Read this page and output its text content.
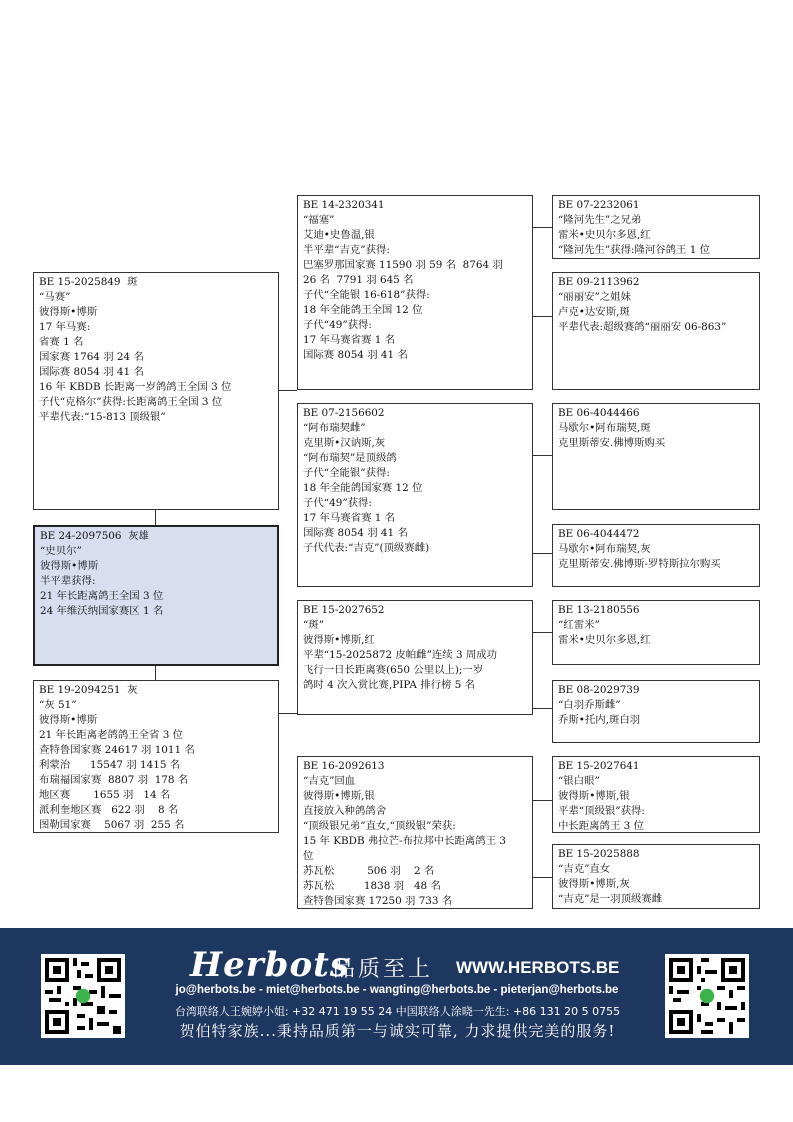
BE 24-2097506  灰雄
“史贝尔”
彼得斯•博斯
半平辈获得:
21 年长距离鸽王全国 3 位
24 年维沃纳国家赛区 1 名
BE 15-2025849  斑
“马赛”
彼得斯•博斯
17 年马赛:
省赛 1 名
国家赛 1764 羽 24 名
国际赛 8054 羽 41 名
16 年 KBDB 长距离一岁鸽鸽王全国 3 位
子代“克格尔”获得:长距离鸽王全国 3 位
平辈代表:“15-813 顶级银”
BE 19-2094251  灰
“灰 51”
彼得斯•博斯
21 年长距离老鸽鸽王全省 3 位
查特鲁国家赛 24617 羽 1011 名
利蒙治      15547 羽 1415 名
布瑞福国家赛  8807 羽  178 名
地区赛       1655 羽   14 名
派利奎地区赛   622 羽    8 名
图勒国家赛    5067 羽  255 名
BE 14-2320341
“福塞”
艾迪•史鲁温,银
半平辈“吉克”获得:
巴塞罗那国家赛 11590 羽 59 名  8764 羽
26 名  7791 羽 645 名
子代“全能银 16-618”获得:
18 年全能鸽王全国 12 位
子代“49”获得:
17 年马赛省赛 1 名
国际赛 8054 羽 41 名
BE 07-2156602
“阿布瑞契雌”
克里斯•汉讷斯,灰
“阿布瑞契”是顶级鸽
子代“全能银”获得:
18 年全能鸽国家赛 12 位
子代“49”获得:
17 年马赛省赛 1 名
国际赛 8054 羽 41 名
子代代表:“吉克”(顶级赛雌)
BE 15-2027652
“斑”
彼得斯•博斯,红
平辈“15-2025872 皮帕雌”连续 3 周成功
飞行一日长距离赛(650 公里以上);一岁
鸽时 4 次入赏比赛,PIPA 排行榜 5 名
BE 16-2092613
“吉克”回血
彼得斯•博斯,银
直接放入种鸽鸽舍
“顶级银兄弟”直女,“顶级银”荣获:
15 年 KBDB 弗拉芒-布拉邦中长距离鸽王 3
位
苏瓦松          506 羽    2 名
苏瓦松         1838 羽   48 名
查特鲁国家赛 17250 羽 733 名
BE 07-2232061
“隆河先生”之兄弟
雷米•史贝尔多恩,红
“隆河先生”获得:隆河谷鸽王 1 位
BE 09-2113962
“丽丽安”之姐妹
卢克•达安斯,斑
平辈代表:超级赛鸽“丽丽安 06-863”
BE 06-4044466
马歇尔•阿布瑞契,斑
克里斯蒂安.佛博斯购买
BE 06-4044472
马歇尔•阿布瑞契,灰
克里斯蒂安.佛博斯-罗特斯拉尔购买
BE 13-2180556
“红雷米”
雷米•史贝尔多恩,红
BE 08-2029739
“白羽乔斯雌”
乔斯•托内,斑白羽
BE 15-2027641
“银白眼”
彼得斯•博斯,银
平辈“顶级银”获得:
中长距离鸽王 3 位
BE 15-2025888
“吉克”直女
彼得斯•博斯,灰
“吉克”是一羽顶级赛雌
Herbots
品质至上 WWW.HERBOTS.BE
jo@herbots.be - miet@herbots.be - wangting@herbots.be - pieterjan@herbots.be
台湾联络人王婉婷小姐: +32 471 19 55 24 中国联络人涂晓一先生: +86 131 20 5 0755
贺伯特家族...秉持品质第一与诚实可靠, 力求提供完美的服务!
